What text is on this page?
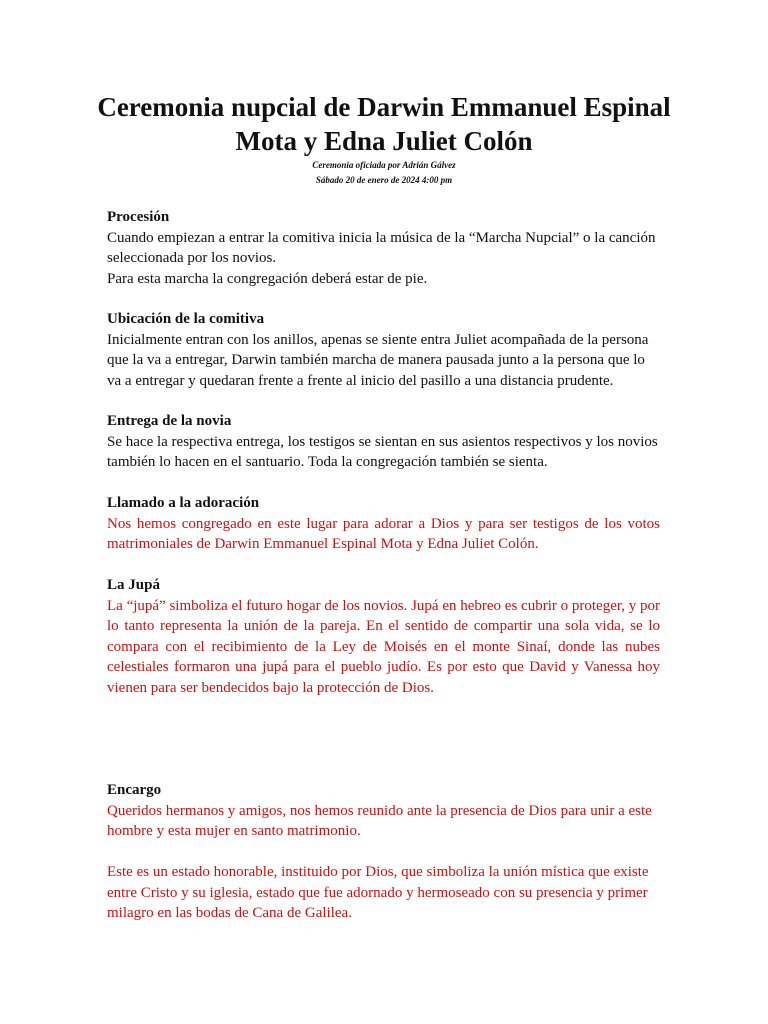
Ceremonia nupcial de Darwin Emmanuel Espinal
Mota y Edna Juliet Colón
Ceremonia oficiada por Adrián Gálvez
Sábado 20 de enero de 2024 4:00 pm
Procesión

Cuando empiezan a entrar la comitiva inicia la música de la “Marcha Nupcial” o la canción seleccionada por los novios.

Para esta marcha la congregación deberá estar de pie.

Ubicación de la comitiva

Inicialmente entran con los anillos, apenas se siente entra Juliet acompañada de la persona que la va a entregar, Darwin también marcha de manera pausada junto a la persona que lo va a entregar y quedaran frente a frente al inicio del pasillo a una distancia prudente.

Entrega de la novia

Se hace la respectiva entrega, los testigos se sientan en sus asientos respectivos y los novios también lo hacen en el santuario. Toda la congregación también se sienta.

Llamado a la adoración

Nos hemos congregado en este lugar para adorar a Dios y para ser testigos de los votos matrimoniales de Darwin Emmanuel Espinal Mota y Edna Juliet Colón.

La Jupá

La “jupá” simboliza el futuro hogar de los novios. Jupá en hebreo es cubrir o proteger, y por lo tanto representa la unión de la pareja. En el sentido de compartir una sola vida, se lo compara con el recibimiento de la Ley de Moisés en el monte Sinaí, donde las nubes celestiales formaron una jupá para el pueblo judío. Es por esto que David y Vanessa hoy vienen para ser bendecidos bajo la protección de Dios.

Encargo

Queridos hermanos y amigos, nos hemos reunido ante la presencia de Dios para unir a este hombre y esta mujer en santo matrimonio.

Este es un estado honorable, instituido por Dios, que simboliza la unión mística que existe entre Cristo y su iglesia, estado que fue adornado y hermoseado con su presencia y primer milagro en las bodas de Cana de Galilea.
